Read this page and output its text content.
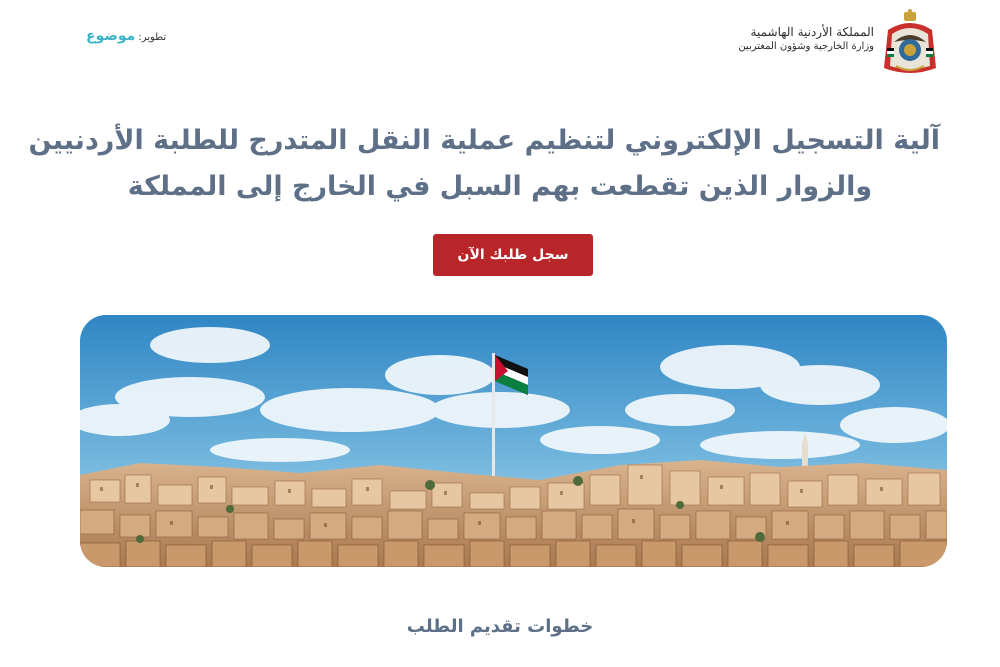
المملكة الأردنية الهاشمية
وزارة الخارجية وشؤون المغتربين
تطوير:
موضوع
آلية التسجيل الإلكتروني لتنظيم عملية النقل المتدرج للطلبة الأردنيين
والزوار الذين تقطعت بهم السبل في الخارج إلى المملكة
سجل طلبك الآن
خطوات تقديم الطلب
